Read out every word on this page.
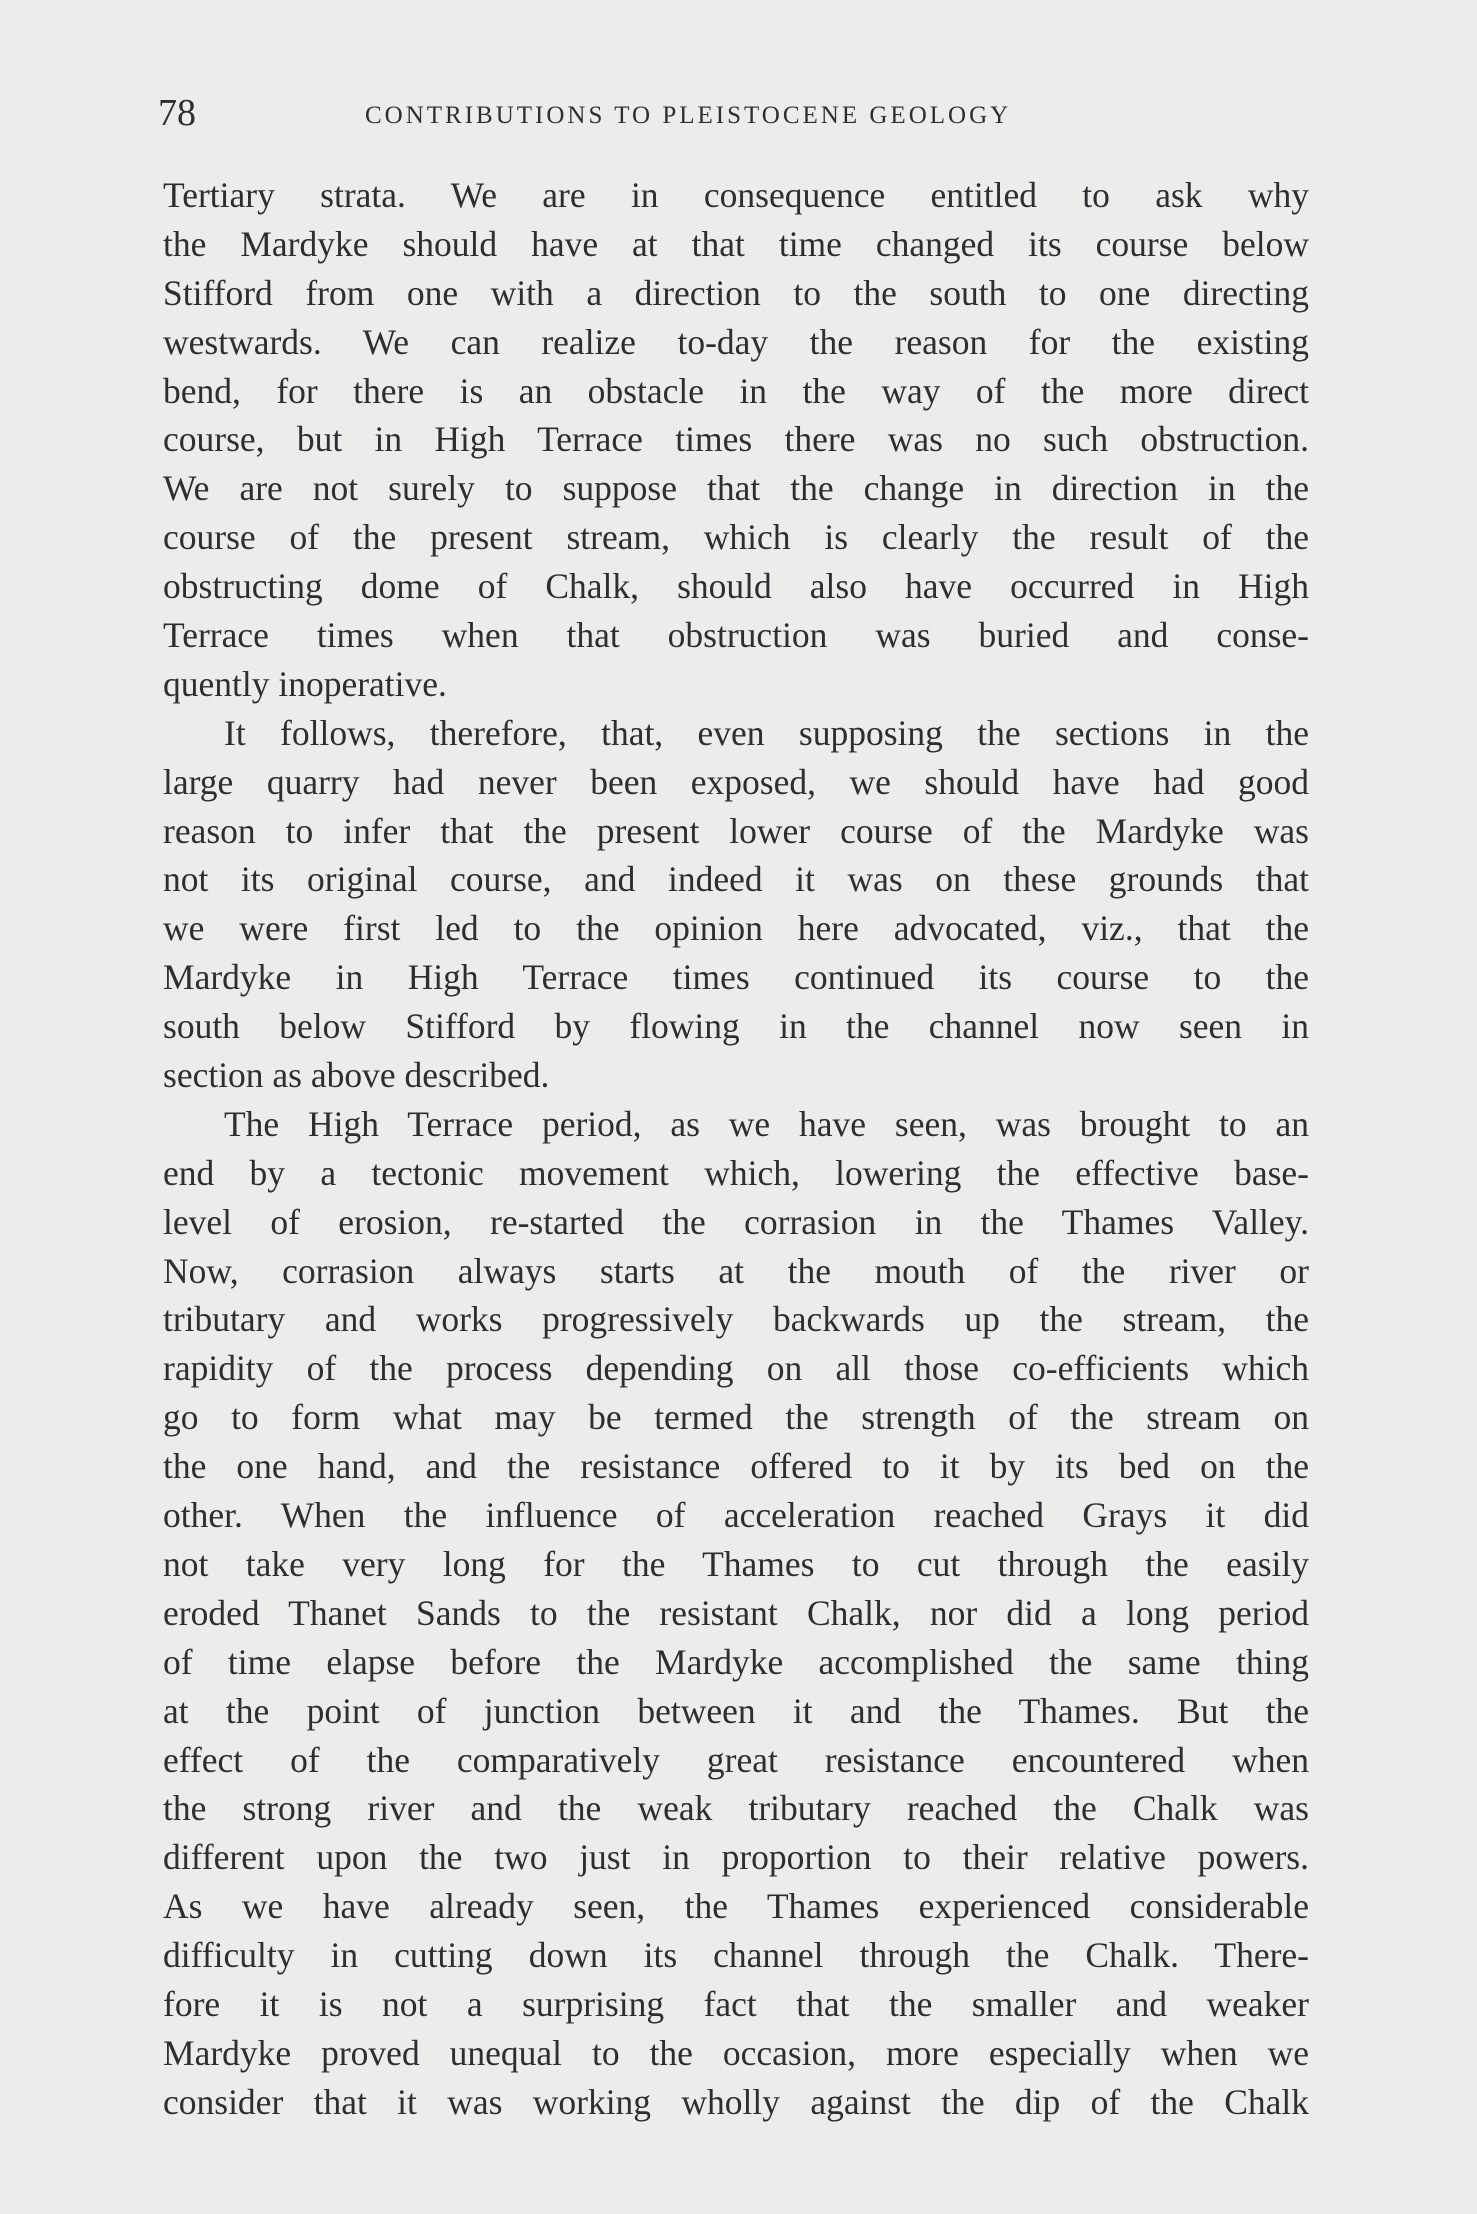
78	CONTRIBUTIONS TO PLEISTOCENE GEOLOGY
Tertiary strata. We are in consequence entitled to ask why
the Mardyke should have at that time changed its course below
Stifford from one with a direction to the south to one directing
westwards. We can realize to-day the reason for the existing
bend, for there is an obstacle in the way of the more direct
course, but in High Terrace times there was no such obstruction.
We are not surely to suppose that the change in direction in the
course of the present stream, which is clearly the result of the
obstructing dome of Chalk, should also have occurred in High
Terrace times when that obstruction was buried and conse-
quently inoperative.
It follows, therefore, that, even supposing the sections in the
large quarry had never been exposed, we should have had good
reason to infer that the present lower course of the Mardyke was
not its original course, and indeed it was on these grounds that
we were first led to the opinion here advocated, viz., that the
Mardyke in High Terrace times continued its course to the
south below Stifford by flowing in the channel now seen in
section as above described.
The High Terrace period, as we have seen, was brought to an
end by a tectonic movement which, lowering the effective base-
level of erosion, re-started the corrasion in the Thames Valley.
Now, corrasion always starts at the mouth of the river or
tributary and works progressively backwards up the stream, the
rapidity of the process depending on all those co-efficients which
go to form what may be termed the strength of the stream on
the one hand, and the resistance offered to it by its bed on the
other. When the influence of acceleration reached Grays it did
not take very long for the Thames to cut through the easily
eroded Thanet Sands to the resistant Chalk, nor did a long period
of time elapse before the Mardyke accomplished the same thing
at the point of junction between it and the Thames. But the
effect of the comparatively great resistance encountered when
the strong river and the weak tributary reached the Chalk was
different upon the two just in proportion to their relative powers.
As we have already seen, the Thames experienced considerable
difficulty in cutting down its channel through the Chalk. There-
fore it is not a surprising fact that the smaller and weaker
Mardyke proved unequal to the occasion, more especially when we
consider that it was working wholly against the dip of the Chalk
